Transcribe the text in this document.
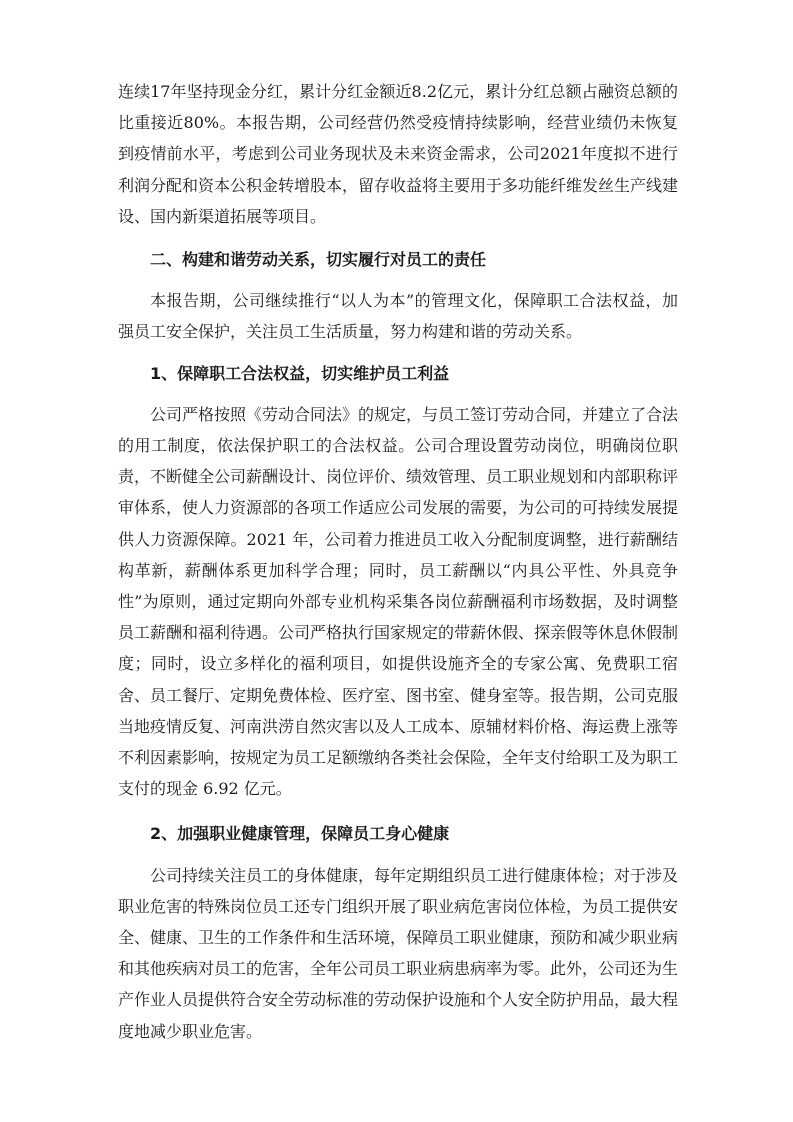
连续17年坚持现金分红，累计分红金额近8.2亿元，累计分红总额占融资总额的比重接近80%。本报告期，公司经营仍然受疫情持续影响，经营业绩仍未恢复到疫情前水平，考虑到公司业务现状及未来资金需求，公司2021年度拟不进行利润分配和资本公积金转增股本，留存收益将主要用于多功能纤维发丝生产线建设、国内新渠道拓展等项目。

二、构建和谐劳动关系，切实履行对员工的责任

本报告期，公司继续推行“以人为本”的管理文化，保障职工合法权益，加强员工安全保护，关注员工生活质量，努力构建和谐的劳动关系。

1、保障职工合法权益，切实维护员工利益

公司严格按照《劳动合同法》的规定，与员工签订劳动合同，并建立了合法的用工制度，依法保护职工的合法权益。公司合理设置劳动岗位，明确岗位职责，不断健全公司薪酬设计、岗位评价、绩效管理、员工职业规划和内部职称评审体系，使人力资源部的各项工作适应公司发展的需要，为公司的可持续发展提供人力资源保障。2021 年，公司着力推进员工收入分配制度调整，进行薪酬结构革新，薪酬体系更加科学合理；同时，员工薪酬以“内具公平性、外具竞争性”为原则，通过定期向外部专业机构采集各岗位薪酬福利市场数据，及时调整员工薪酬和福利待遇。公司严格执行国家规定的带薪休假、探亲假等休息休假制度；同时，设立多样化的福利项目，如提供设施齐全的专家公寓、免费职工宿舍、员工餐厅、定期免费体检、医疗室、图书室、健身室等。报告期，公司克服当地疫情反复、河南洪涝自然灾害以及人工成本、原辅材料价格、海运费上涨等不利因素影响，按规定为员工足额缴纳各类社会保险，全年支付给职工及为职工支付的现金 6.92 亿元。

2、加强职业健康管理，保障员工身心健康

公司持续关注员工的身体健康，每年定期组织员工进行健康体检；对于涉及职业危害的特殊岗位员工还专门组织开展了职业病危害岗位体检，为员工提供安全、健康、卫生的工作条件和生活环境，保障员工职业健康，预防和减少职业病和其他疾病对员工的危害，全年公司员工职业病患病率为零。此外，公司还为生产作业人员提供符合安全劳动标准的劳动保护设施和个人安全防护用品，最大程度地减少职业危害。
